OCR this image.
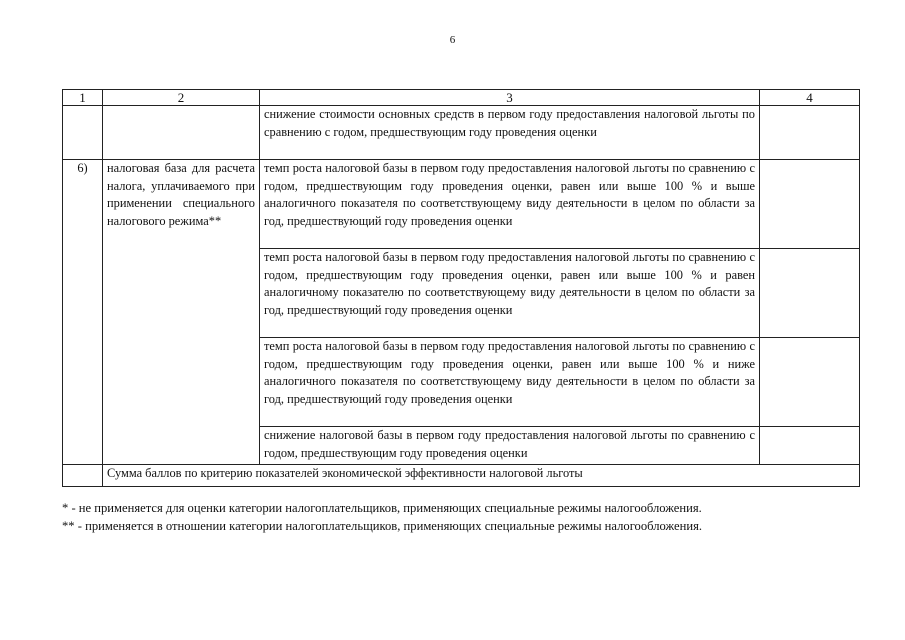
6
1	2	3	4
		снижение стоимости основных средств в первом году предоставления налоговой льготы по сравнению с годом, предшествующим году проведения оценки	
6)	налоговая база для расчета налога, уплачиваемого при применении специального налогового режима**	темп роста налоговой базы в первом году предоставления налоговой льготы по сравнению с годом, предшествующим году проведения оценки, равен или выше 100 % и выше аналогичного показателя по соответствующему виду деятельности в целом по области за год, предшествующий году проведения оценки	
		темп роста налоговой базы в первом году предоставления налоговой льготы по сравнению с годом, предшествующим году проведения оценки, равен или выше 100 % и равен аналогичному показателю по соответствующему виду деятельности в целом по области за год, предшествующий году проведения оценки	
		темп роста налоговой базы в первом году предоставления налоговой льготы по сравнению с годом, предшествующим году проведения оценки, равен или выше 100 % и ниже аналогичного показателя по соответствующему виду деятельности в целом по области за год, предшествующий году проведения оценки	
		снижение налоговой базы в первом году предоставления налоговой льготы по сравнению с годом, предшествующим году проведения оценки	
	Сумма баллов по критерию показателей экономической эффективности налоговой льготы		

* - не применяется для оценки категории налогоплательщиков, применяющих специальные режимы налогообложения.

** - применяется в отношении категории налогоплательщиков, применяющих специальные режимы налогообложения.
